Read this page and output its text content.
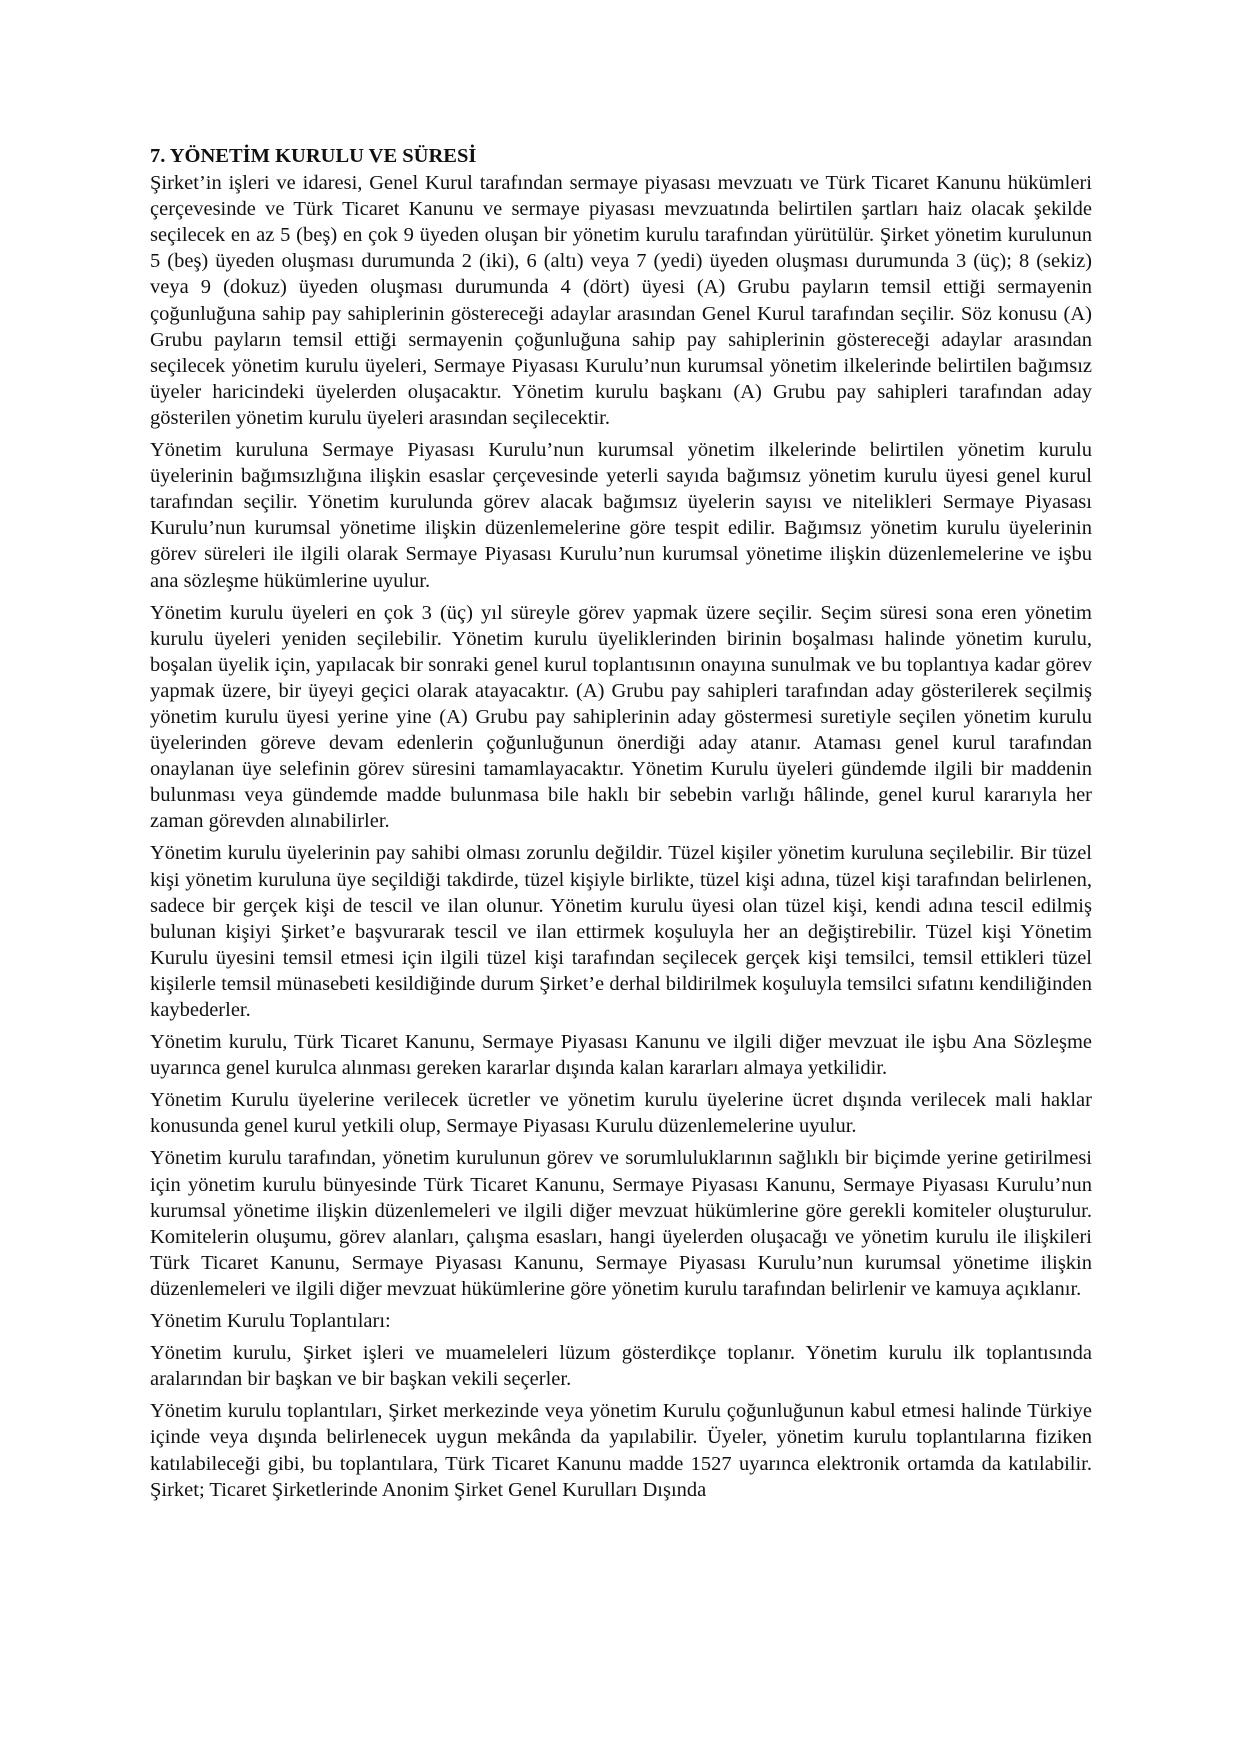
7. YÖNETİM KURULU VE SÜRESİ

Şirket’in işleri ve idaresi, Genel Kurul tarafından sermaye piyasası mevzuatı ve Türk Ticaret Kanunu hükümleri çerçevesinde ve Türk Ticaret Kanunu ve sermaye piyasası mevzuatında belirtilen şartları haiz olacak şekilde seçilecek en az 5 (beş) en çok 9 üyeden oluşan bir yönetim kurulu tarafından yürütülür. Şirket yönetim kurulunun 5 (beş) üyeden oluşması durumunda 2 (iki), 6 (altı) veya 7 (yedi) üyeden oluşması durumunda 3 (üç); 8 (sekiz) veya 9 (dokuz) üyeden oluşması durumunda 4 (dört) üyesi (A) Grubu payların temsil ettiği sermayenin çoğunluğuna sahip pay sahiplerinin göstereceği adaylar arasından Genel Kurul tarafından seçilir. Söz konusu (A) Grubu payların temsil ettiği sermayenin çoğunluğuna sahip pay sahiplerinin göstereceği adaylar arasından seçilecek yönetim kurulu üyeleri, Sermaye Piyasası Kurulu’nun kurumsal yönetim ilkelerinde belirtilen bağımsız üyeler haricindeki üyelerden oluşacaktır. Yönetim kurulu başkanı (A) Grubu pay sahipleri tarafından aday gösterilen yönetim kurulu üyeleri arasından seçilecektir.

Yönetim kuruluna Sermaye Piyasası Kurulu’nun kurumsal yönetim ilkelerinde belirtilen yönetim kurulu üyelerinin bağımsızlığına ilişkin esaslar çerçevesinde yeterli sayıda bağımsız yönetim kurulu üyesi genel kurul tarafından seçilir. Yönetim kurulunda görev alacak bağımsız üyelerin sayısı ve nitelikleri Sermaye Piyasası Kurulu’nun kurumsal yönetime ilişkin düzenlemelerine göre tespit edilir. Bağımsız yönetim kurulu üyelerinin görev süreleri ile ilgili olarak Sermaye Piyasası Kurulu’nun kurumsal yönetime ilişkin düzenlemelerine ve işbu ana sözleşme hükümlerine uyulur.

Yönetim kurulu üyeleri en çok 3 (üç) yıl süreyle görev yapmak üzere seçilir. Seçim süresi sona eren yönetim kurulu üyeleri yeniden seçilebilir. Yönetim kurulu üyeliklerinden birinin boşalması halinde yönetim kurulu, boşalan üyelik için, yapılacak bir sonraki genel kurul toplantısının onayına sunulmak ve bu toplantıya kadar görev yapmak üzere, bir üyeyi geçici olarak atayacaktır. (A) Grubu pay sahipleri tarafından aday gösterilerek seçilmiş yönetim kurulu üyesi yerine yine (A) Grubu pay sahiplerinin aday göstermesi suretiyle seçilen yönetim kurulu üyelerinden göreve devam edenlerin çoğunluğunun önerdiği aday atanır. Ataması genel kurul tarafından onaylanan üye selefinin görev süresini tamamlayacaktır. Yönetim Kurulu üyeleri gündemde ilgili bir maddenin bulunması veya gündemde madde bulunmasa bile haklı bir sebebin varlığı hâlinde, genel kurul kararıyla her zaman görevden alınabilirler.

Yönetim kurulu üyelerinin pay sahibi olması zorunlu değildir. Tüzel kişiler yönetim kuruluna seçilebilir. Bir tüzel kişi yönetim kuruluna üye seçildiği takdirde, tüzel kişiyle birlikte, tüzel kişi adına, tüzel kişi tarafından belirlenen, sadece bir gerçek kişi de tescil ve ilan olunur. Yönetim kurulu üyesi olan tüzel kişi, kendi adına tescil edilmiş bulunan kişiyi Şirket’e başvurarak tescil ve ilan ettirmek koşuluyla her an değiştirebilir. Tüzel kişi Yönetim Kurulu üyesini temsil etmesi için ilgili tüzel kişi tarafından seçilecek gerçek kişi temsilci, temsil ettikleri tüzel kişilerle temsil münasebeti kesildiğinde durum Şirket’e derhal bildirilmek koşuluyla temsilci sıfatını kendiliğinden kaybederler.

Yönetim kurulu, Türk Ticaret Kanunu, Sermaye Piyasası Kanunu ve ilgili diğer mevzuat ile işbu Ana Sözleşme uyarınca genel kurulca alınması gereken kararlar dışında kalan kararları almaya yetkilidir.

Yönetim Kurulu üyelerine verilecek ücretler ve yönetim kurulu üyelerine ücret dışında verilecek mali haklar konusunda genel kurul yetkili olup, Sermaye Piyasası Kurulu düzenlemelerine uyulur.

Yönetim kurulu tarafından, yönetim kurulunun görev ve sorumluluklarının sağlıklı bir biçimde yerine getirilmesi için yönetim kurulu bünyesinde Türk Ticaret Kanunu, Sermaye Piyasası Kanunu, Sermaye Piyasası Kurulu’nun kurumsal yönetime ilişkin düzenlemeleri ve ilgili diğer mevzuat hükümlerine göre gerekli komiteler oluşturulur. Komitelerin oluşumu, görev alanları, çalışma esasları, hangi üyelerden oluşacağı ve yönetim kurulu ile ilişkileri Türk Ticaret Kanunu, Sermaye Piyasası Kanunu, Sermaye Piyasası Kurulu’nun kurumsal yönetime ilişkin düzenlemeleri ve ilgili diğer mevzuat hükümlerine göre yönetim kurulu tarafından belirlenir ve kamuya açıklanır.

Yönetim Kurulu Toplantıları:

Yönetim kurulu, Şirket işleri ve muameleleri lüzum gösterdikçe toplanır. Yönetim kurulu ilk toplantısında aralarından bir başkan ve bir başkan vekili seçerler.

Yönetim kurulu toplantıları, Şirket merkezinde veya yönetim Kurulu çoğunluğunun kabul etmesi halinde Türkiye içinde veya dışında belirlenecek uygun mekânda da yapılabilir. Üyeler, yönetim kurulu toplantılarına fiziken katılabileceği gibi, bu toplantılara, Türk Ticaret Kanunu madde 1527 uyarınca elektronik ortamda da katılabilir. Şirket; Ticaret Şirketlerinde Anonim Şirket Genel Kurulları Dışında
